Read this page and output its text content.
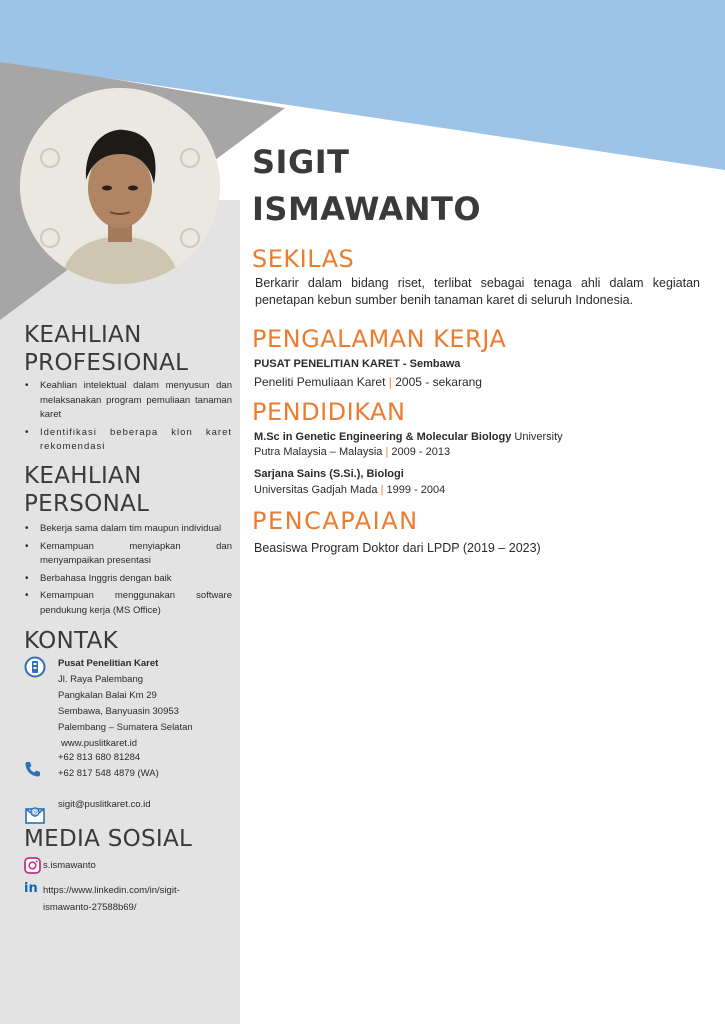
SIGIT
ISMAWANTO
SEKILAS
Berkarir dalam bidang riset, terlibat sebagai tenaga ahli dalam kegiatan penetapan kebun sumber benih tanaman karet di seluruh Indonesia.
PENGALAMAN KERJA
PUSAT PENELITIAN KARET - Sembawa
Peneliti Pemuliaan Karet | 2005 - sekarang
PENDIDIKAN
M.Sc in Genetic Engineering & Molecular Biology University
Putra Malaysia – Malaysia | 2009 - 2013
Sarjana Sains (S.Si.), Biologi
Universitas Gadjah Mada | 1999 - 2004
PENCAPAIAN
Beasiswa Program Doktor dari LPDP (2019 – 2023)
KEAHLIAN
PROFESIONAL
• Keahlian intelektual dalam menyusun dan melaksanakan program pemuliaan tanaman karet
• Identifikasi beberapa klon karet rekomendasi
KEAHLIAN
PERSONAL
• Bekerja sama dalam tim maupun individual
• Kemampuan menyiapkan dan menyampaikan presentasi
• Berbahasa Inggris dengan baik
• Kemampuan menggunakan software pendukung kerja (MS Office)
KONTAK
Pusat Penelitian Karet
Jl. Raya Palembang
Pangkalan Balai Km 29
Sembawa, Banyuasin 30953
Palembang – Sumatera Selatan
www.puslitkaret.id
+62 813 680 81284
+62 817 548 4879 (WA)
@
sigit@puslitkaret.co.id
MEDIA SOSIAL
s.ismawanto
in https://www.linkedin.com/in/sigit-
ismawanto-27588b69/
